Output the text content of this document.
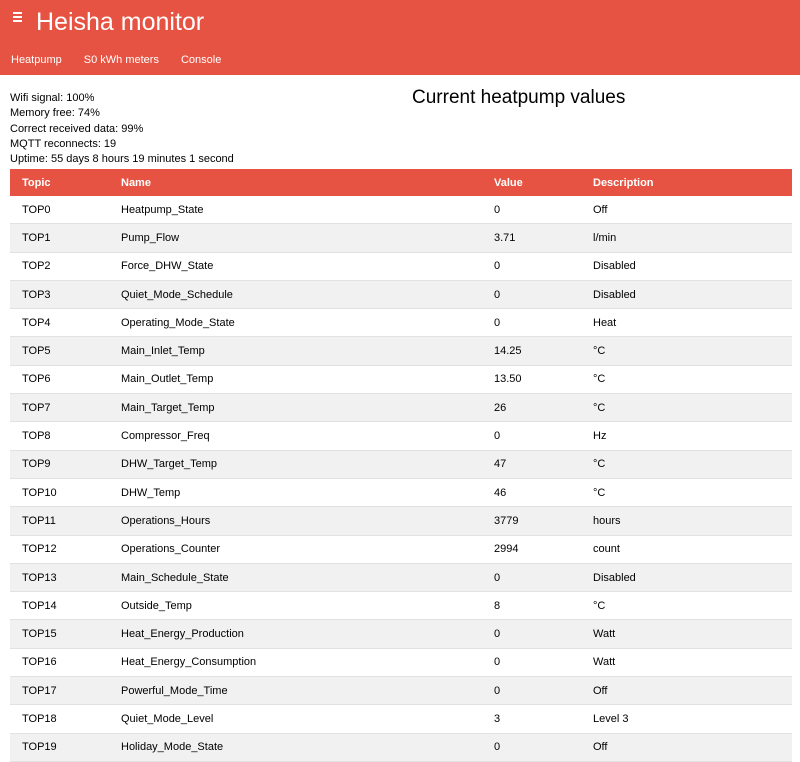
Heisha monitor
Heatpump	S0 kWh meters	Console
Wifi signal: 100%
Memory free: 74%
Correct received data: 99%
MQTT reconnects: 19
Uptime: 55 days 8 hours 19 minutes 1 second
Current heatpump values
Topic	Name	Value	Description
TOP0	Heatpump_State	0	Off
TOP1	Pump_Flow	3.71	l/min
TOP2	Force_DHW_State	0	Disabled
TOP3	Quiet_Mode_Schedule	0	Disabled
TOP4	Operating_Mode_State	0	Heat
TOP5	Main_Inlet_Temp	14.25	°C
TOP6	Main_Outlet_Temp	13.50	°C
TOP7	Main_Target_Temp	26	°C
TOP8	Compressor_Freq	0	Hz
TOP9	DHW_Target_Temp	47	°C
TOP10	DHW_Temp	46	°C
TOP11	Operations_Hours	3779	hours
TOP12	Operations_Counter	2994	count
TOP13	Main_Schedule_State	0	Disabled
TOP14	Outside_Temp	8	°C
TOP15	Heat_Energy_Production	0	Watt
TOP16	Heat_Energy_Consumption	0	Watt
TOP17	Powerful_Mode_Time	0	Off
TOP18	Quiet_Mode_Level	3	Level 3
TOP19	Holiday_Mode_State	0	Off
